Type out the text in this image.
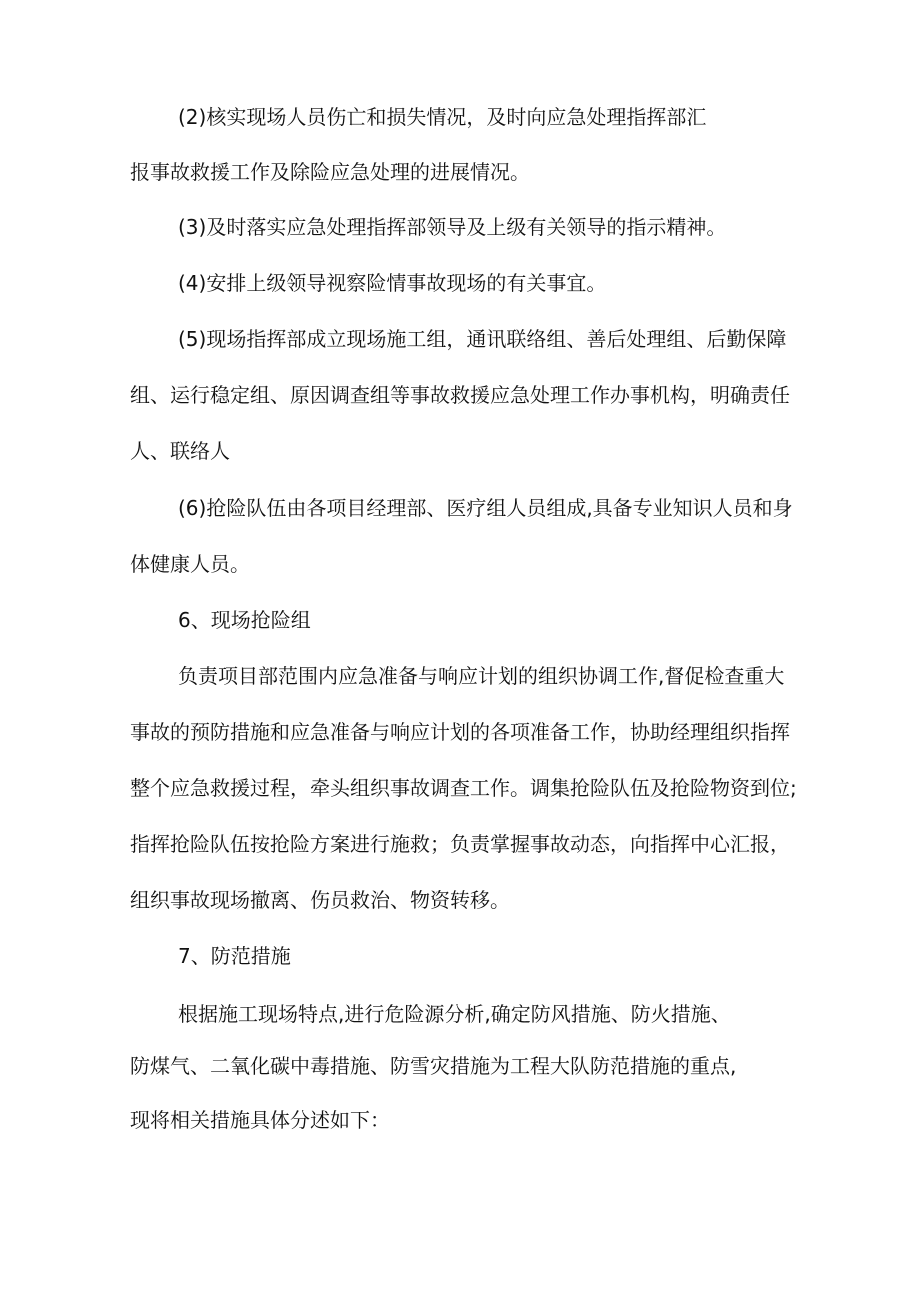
(2)核实现场人员伤亡和损失情况，及时向应急处理指挥部汇
报事故救援工作及除险应急处理的进展情况。
(3)及时落实应急处理指挥部领导及上级有关领导的指示精神。
(4)安排上级领导视察险情事故现场的有关事宜。
(5)现场指挥部成立现场施工组，通讯联络组、善后处理组、后勤保障
组、运行稳定组、原因调查组等事故救援应急处理工作办事机构，明确责任
人、联络人
(6)抢险队伍由各项目经理部、医疗组人员组成,具备专业知识人员和身
体健康人员。
6、现场抢险组
负责项目部范围内应急准备与响应计划的组织协调工作,督促检查重大
事故的预防措施和应急准备与响应计划的各项准备工作，协助经理组织指挥
整个应急救援过程，牵头组织事故调查工作。调集抢险队伍及抢险物资到位;
指挥抢险队伍按抢险方案进行施救；负责掌握事故动态，向指挥中心汇报，
组织事故现场撤离、伤员救治、物资转移。
7、防范措施
根据施工现场特点,进行危险源分析,确定防风措施、防火措施、
防煤气、二氧化碳中毒措施、防雪灾措施为工程大队防范措施的重点,
现将相关措施具体分述如下：
